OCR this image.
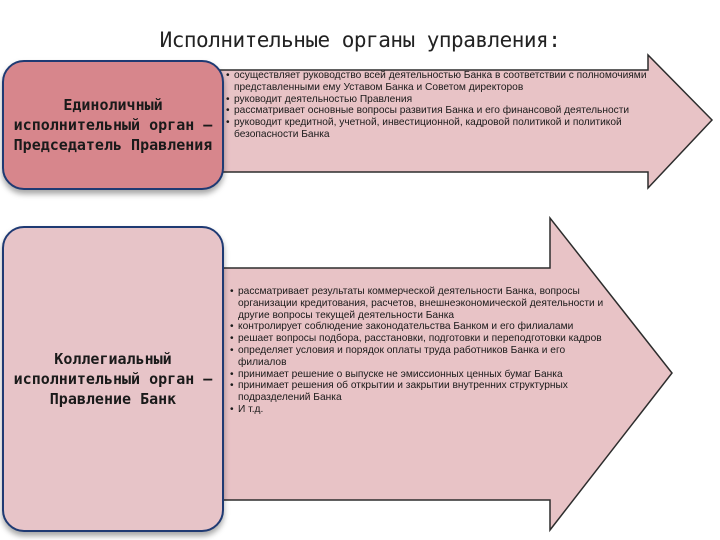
Исполнительные органы управления:
Единоличный исполнительный орган – Председатель Правления
• осуществляет руководство всей деятельностью Банка в соответствии с полномочиями представленными ему Уставом Банка и Советом директоров
• руководит деятельностью Правления
• рассматривает основные вопросы развития Банка и его финансовой деятельности
• руководит кредитной, учетной, инвестиционной, кадровой политикой и политикой безопасности Банка
Коллегиальный исполнительный орган – Правление Банк
• рассматривает результаты коммерческой деятельности Банка, вопросы организации кредитования, расчетов, внешнеэкономической деятельности и другие вопросы текущей деятельности Банка
• контролирует соблюдение законодательства Банком и его филиалами
• решает вопросы подбора, расстановки, подготовки и переподготовки кадров
• определяет условия и порядок оплаты труда работников Банка и его филиалов
• принимает решение о выпуске не эмиссионных ценных бумаг Банка
• принимает решения об открытии и закрытии внутренних структурных подразделений Банка
• И т.д.
